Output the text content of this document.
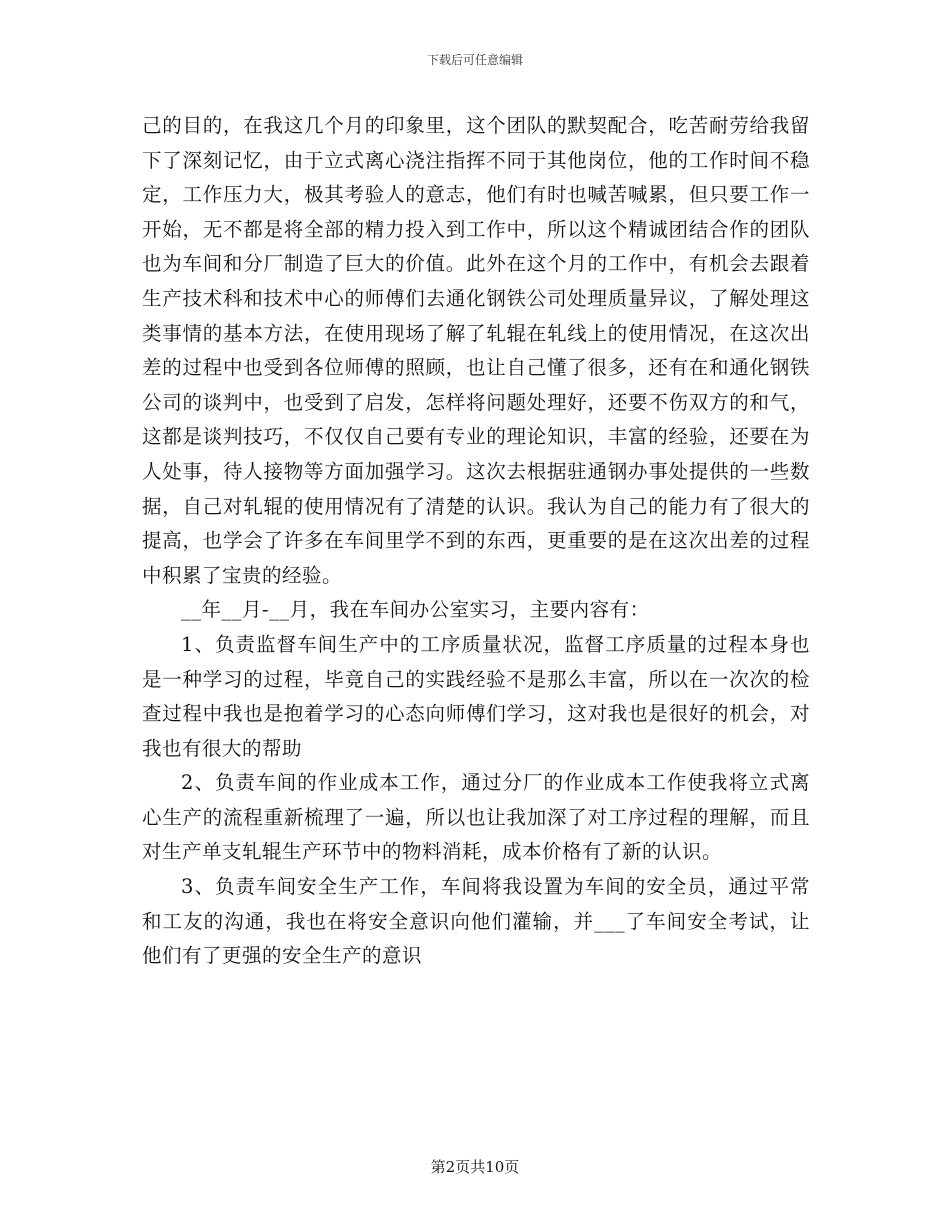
下载后可任意编辑

己的目的，在我这几个月的印象里，这个团队的默契配合，吃苦耐劳给我留下了深刻记忆，由于立式离心浇注指挥不同于其他岗位，他的工作时间不稳定，工作压力大，极其考验人的意志，他们有时也喊苦喊累，但只要工作一开始，无不都是将全部的精力投入到工作中，所以这个精诚团结合作的团队也为车间和分厂制造了巨大的价值。此外在这个月的工作中，有机会去跟着生产技术科和技术中心的师傅们去通化钢铁公司处理质量异议，了解处理这类事情的基本方法，在使用现场了解了轧辊在轧线上的使用情况，在这次出差的过程中也受到各位师傅的照顾，也让自己懂了很多，还有在和通化钢铁公司的谈判中，也受到了启发，怎样将问题处理好，还要不伤双方的和气，这都是谈判技巧，不仅仅自己要有专业的理论知识，丰富的经验，还要在为人处事，待人接物等方面加强学习。这次去根据驻通钢办事处提供的一些数据，自己对轧辊的使用情况有了清楚的认识。我认为自己的能力有了很大的提高，也学会了许多在车间里学不到的东西，更重要的是在这次出差的过程中积累了宝贵的经验。

__年__月-__月，我在车间办公室实习，主要内容有：

1、负责监督车间生产中的工序质量状况，监督工序质量的过程本身也是一种学习的过程，毕竟自己的实践经验不是那么丰富，所以在一次次的检查过程中我也是抱着学习的心态向师傅们学习，这对我也是很好的机会，对我也有很大的帮助

2、负责车间的作业成本工作，通过分厂的作业成本工作使我将立式离心生产的流程重新梳理了一遍，所以也让我加深了对工序过程的理解，而且对生产单支轧辊生产环节中的物料消耗，成本价格有了新的认识。

3、负责车间安全生产工作，车间将我设置为车间的安全员，通过平常和工友的沟通，我也在将安全意识向他们灌输，并___了车间安全考试，让他们有了更强的安全生产的意识

第2页共10页
